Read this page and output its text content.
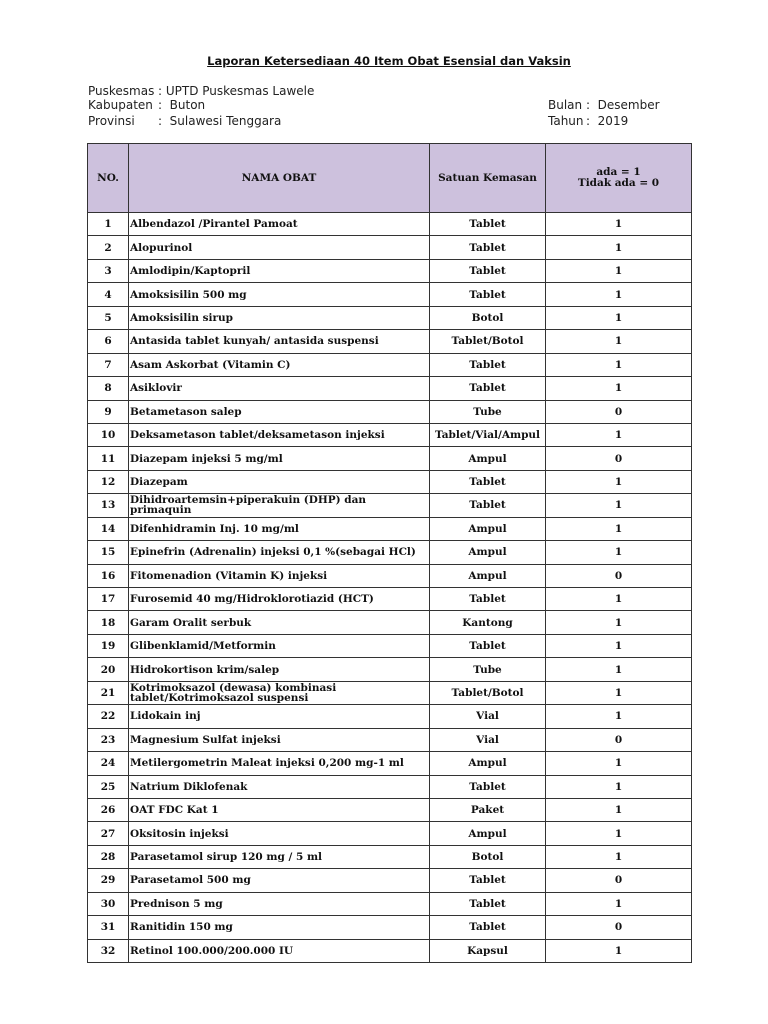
Laporan Ketersediaan 40 Item Obat Esensial dan Vaksin
Puskesmas : UPTD Puskesmas Lawele
Kabupaten :  Buton
Provinsi :  Sulawesi Tenggara
Bulan :  Desember
Tahun :  2019
NO.	NAMA OBAT	Satuan Kemasan	ada = 1
Tidak ada = 0

1	Albendazol /Pirantel Pamoat	Tablet	1
2	Alopurinol	Tablet	1
3	Amlodipin/Kaptopril	Tablet	1
4	Amoksisilin 500 mg	Tablet	1
5	Amoksisilin sirup	Botol	1
6	Antasida tablet kunyah/ antasida suspensi	Tablet/Botol	1
7	Asam Askorbat (Vitamin C)	Tablet	1
8	Asiklovir	Tablet	1
9	Betametason salep	Tube	0
10	Deksametason tablet/deksametason injeksi	Tablet/Vial/Ampul	1
11	Diazepam injeksi 5 mg/ml	Ampul	0
12	Diazepam	Tablet	1
13	Dihidroartemsin+piperakuin (DHP) dan primaquin	Tablet	1
14	Difenhidramin Inj. 10 mg/ml	Ampul	1
15	Epinefrin (Adrenalin) injeksi 0,1 %(sebagai HCl)	Ampul	1
16	Fitomenadion (Vitamin K) injeksi	Ampul	0
17	Furosemid 40 mg/Hidroklorotiazid (HCT)	Tablet	1
18	Garam Oralit serbuk	Kantong	1
19	Glibenklamid/Metformin	Tablet	1
20	Hidrokortison krim/salep	Tube	1
21	Kotrimoksazol (dewasa) kombinasi tablet/Kotrimoksazol suspensi	Tablet/Botol	1
22	Lidokain inj	Vial	1
23	Magnesium Sulfat injeksi	Vial	0
24	Metilergometrin Maleat injeksi 0,200 mg-1 ml	Ampul	1
25	Natrium Diklofenak	Tablet	1
26	OAT FDC Kat 1	Paket	1
27	Oksitosin injeksi	Ampul	1
28	Parasetamol sirup 120 mg / 5 ml	Botol	1
29	Parasetamol 500 mg	Tablet	0
30	Prednison 5 mg	Tablet	1
31	Ranitidin 150 mg	Tablet	0
32	Retinol 100.000/200.000 IU	Kapsul	1
